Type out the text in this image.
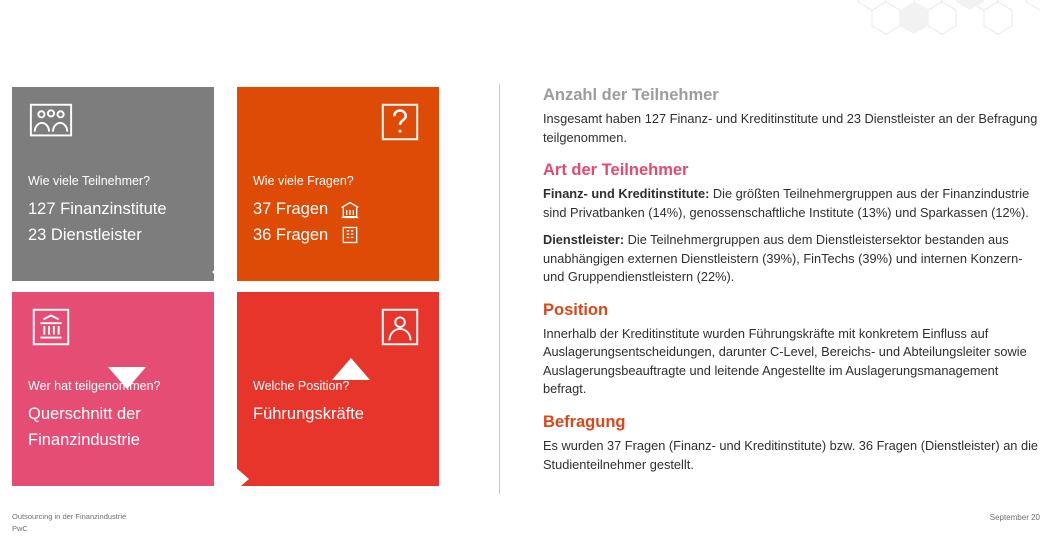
Wie viele Teilnehmer?
127 Finanzinstitute
23 Dienstleister
Wie viele Fragen?
37 Fragen
36 Fragen
Wer hat teilgenommen?
Querschnitt der
Finanzindustrie
Welche Position?
Führungskräfte
Anzahl der Teilnehmer

Insgesamt haben 127 Finanz- und Kreditinstitute und 23 Dienstleister an der Befragung teilgenommen.

Art der Teilnehmer

Finanz- und Kreditinstitute: Die größten Teilnehmergruppen aus der Finanzindustrie sind Privatbanken (14%), genossenschaftliche Institute (13%) und Sparkassen (12%).

Dienstleister: Die Teilnehmergruppen aus dem Dienstleistersektor bestanden aus unabhängigen externen Dienstleistern (39%), FinTechs (39%) und internen Konzern- und Gruppendienstleistern (22%).

Position

Innerhalb der Kreditinstitute wurden Führungskräfte mit konkretem Einfluss auf Auslagerungsentscheidungen, darunter C-Level, Bereichs- und Abteilungsleiter sowie Auslagerungsbeauftragte und leitende Angestellte im Auslagerungsmanagement befragt.

Befragung

Es wurden 37 Fragen (Finanz- und Kreditinstitute) bzw. 36 Fragen (Dienstleister) an die Studienteilnehmer gestellt.

Outsourcing in der Finanzindustrie
PwC
September 20
